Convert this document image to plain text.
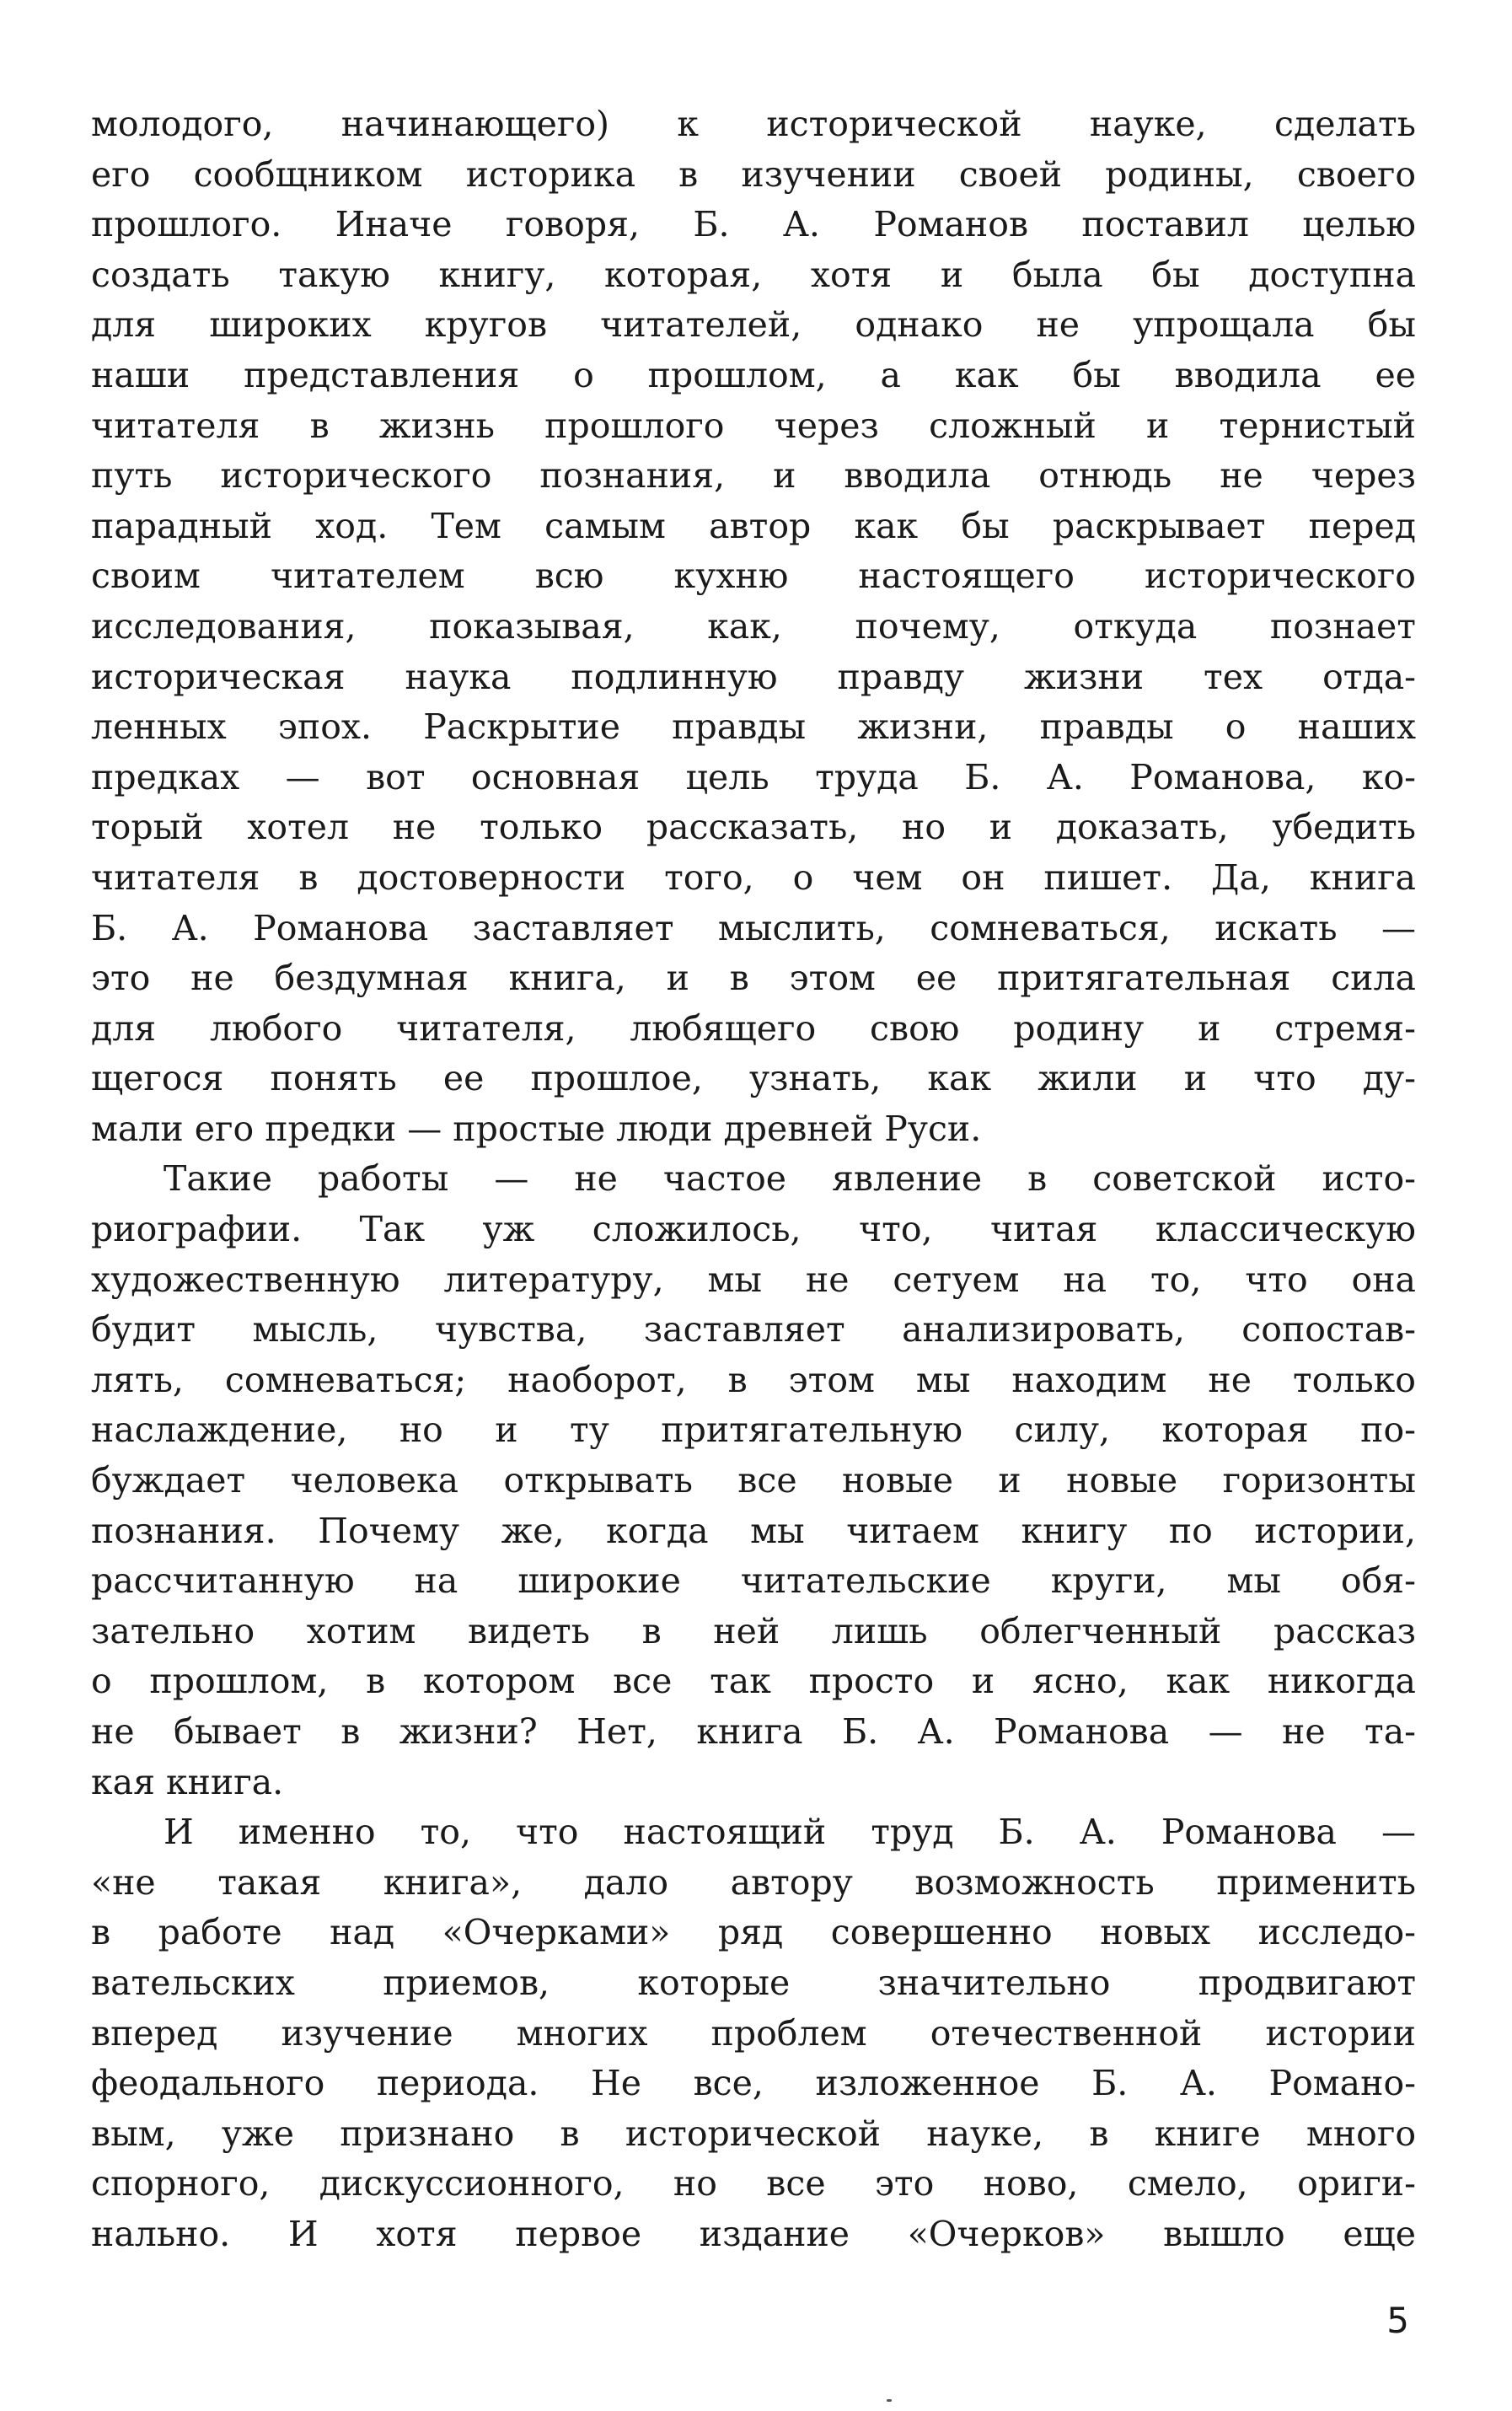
молодого, начинающего) к исторической науке, сделать
его сообщником историка в изучении своей родины, своего
прошлого. Иначе говоря, Б. А. Романов поставил целью
создать такую книгу, которая, хотя и была бы доступна
для широких кругов читателей, однако не упрощала бы
наши представления о прошлом, а как бы вводила ее
читателя в жизнь прошлого через сложный и тернистый
путь исторического познания, и вводила отнюдь не через
парадный ход. Тем самым автор как бы раскрывает перед
своим читателем всю кухню настоящего исторического
исследования, показывая, как, почему, откуда познает
историческая наука подлинную правду жизни тех отда-
ленных эпох. Раскрытие правды жизни, правды о наших
предках — вот основная цель труда Б. А. Романова, ко-
торый хотел не только рассказать, но и доказать, убедить
читателя в достоверности того, о чем он пишет. Да, книга
Б. А. Романова заставляет мыслить, сомневаться, искать —
это не бездумная книга, и в этом ее притягательная сила
для любого читателя, любящего свою родину и стремя-
щегося понять ее прошлое, узнать, как жили и что ду-
мали его предки — простые люди древней Руси.
Такие работы — не частое явление в советской исто-
риографии. Так уж сложилось, что, читая классическую
художественную литературу, мы не сетуем на то, что она
будит мысль, чувства, заставляет анализировать, сопостав-
лять, сомневаться; наоборот, в этом мы находим не только
наслаждение, но и ту притягательную силу, которая по-
буждает человека открывать все новые и новые горизонты
познания. Почему же, когда мы читаем книгу по истории,
рассчитанную на широкие читательские круги, мы обя-
зательно хотим видеть в ней лишь облегченный рассказ
о прошлом, в котором все так просто и ясно, как никогда
не бывает в жизни? Нет, книга Б. А. Романова — не та-
кая книга.
И именно то, что настоящий труд Б. А. Романова —
«не такая книга», дало автору возможность применить
в работе над «Очерками» ряд совершенно новых исследо-
вательских приемов, которые значительно продвигают
вперед изучение многих проблем отечественной истории
феодального периода. Не все, изложенное Б. А. Романо-
вым, уже признано в исторической науке, в книге много
спорного, дискуссионного, но все это ново, смело, ориги-
нально. И хотя первое издание «Очерков» вышло еще
5
